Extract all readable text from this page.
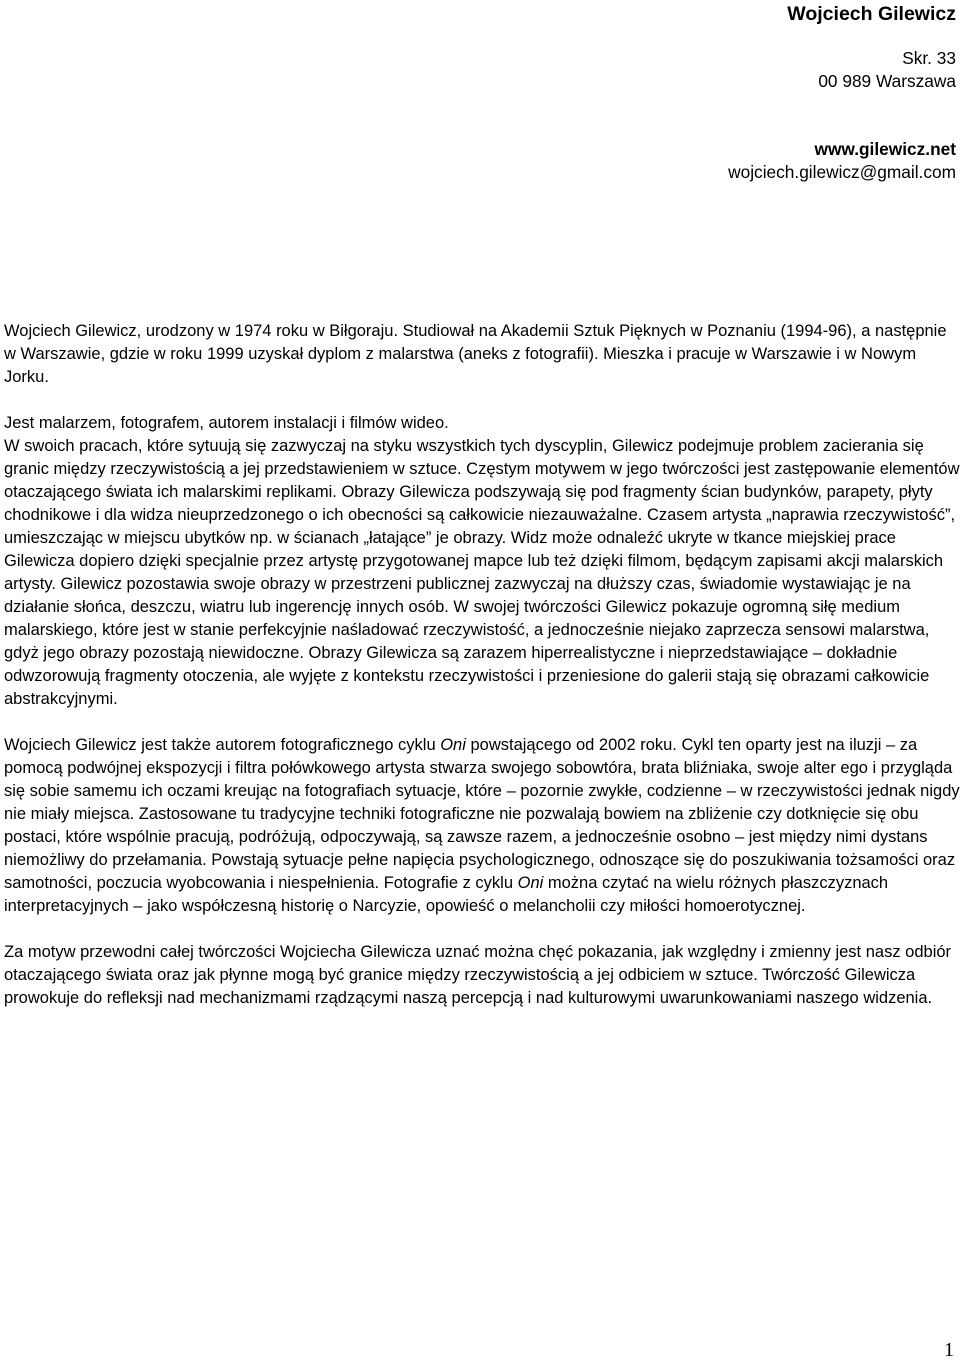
Wojciech Gilewicz
Skr. 33
00 989 Warszawa
www.gilewicz.net
wojciech.gilewicz@gmail.com

Wojciech Gilewicz, urodzony w 1974 roku w Biłgoraju. Studiował na Akademii Sztuk Pięknych w Poznaniu (1994-96), a następnie w Warszawie, gdzie w roku 1999 uzyskał dyplom z malarstwa (aneks z fotografii). Mieszka i pracuje w Warszawie i w Nowym Jorku.

Jest malarzem, fotografem, autorem instalacji i filmów wideo.

W swoich pracach, które sytuują się zazwyczaj na styku wszystkich tych dyscyplin, Gilewicz podejmuje problem zacierania się granic między rzeczywistością a jej przedstawieniem w sztuce. Częstym motywem w jego twórczości jest zastępowanie elementów otaczającego świata ich malarskimi replikami. Obrazy Gilewicza podszywają się pod fragmenty ścian budynków, parapety, płyty chodnikowe i dla widza nieuprzedzonego o ich obecności są całkowicie niezauważalne. Czasem artysta „naprawia rzeczywistość”, umieszczając w miejscu ubytków np. w ścianach „łatające” je obrazy. Widz może odnaleźć ukryte w tkance miejskiej prace Gilewicza dopiero dzięki specjalnie przez artystę przygotowanej mapce lub też dzięki filmom, będącym zapisami akcji malarskich artysty. Gilewicz pozostawia swoje obrazy w przestrzeni publicznej zazwyczaj na dłuższy czas, świadomie wystawiając je na działanie słońca, deszczu, wiatru lub ingerencję innych osób. W swojej twórczości Gilewicz pokazuje ogromną siłę medium malarskiego, które jest w stanie perfekcyjnie naśladować rzeczywistość, a jednocześnie niejako zaprzecza sensowi malarstwa, gdyż jego obrazy pozostają niewidoczne. Obrazy Gilewicza są zarazem hiperrealistyczne i nieprzedstawiające – dokładnie odwzorowują fragmenty otoczenia, ale wyjęte z kontekstu rzeczywistości i przeniesione do galerii stają się obrazami całkowicie abstrakcyjnymi.

Wojciech Gilewicz jest także autorem fotograficznego cyklu Oni powstającego od 2002 roku. Cykl ten oparty jest na iluzji – za pomocą podwójnej ekspozycji i filtra połówkowego artysta stwarza swojego sobowtóra, brata bliźniaka, swoje alter ego i przygląda się sobie samemu ich oczami kreując na fotografiach sytuacje, które – pozornie zwykłe, codzienne – w rzeczywistości jednak nigdy nie miały miejsca. Zastosowane tu tradycyjne techniki fotograficzne nie pozwalają bowiem na zbliżenie czy dotknięcie się obu postaci, które wspólnie pracują, podróżują, odpoczywają, są zawsze razem, a jednocześnie osobno – jest między nimi dystans niemożliwy do przełamania. Powstają sytuacje pełne napięcia psychologicznego, odnoszące się do poszukiwania tożsamości oraz samotności, poczucia wyobcowania i niespełnienia. Fotografie z cyklu Oni można czytać na wielu różnych płaszczyznach interpretacyjnych – jako współczesną historię o Narcyzie, opowieść o melancholii czy miłości homoerotycznej.

Za motyw przewodni całej twórczości Wojciecha Gilewicza uznać można chęć pokazania, jak względny i zmienny jest nasz odbiór otaczającego świata oraz jak płynne mogą być granice między rzeczywistością a jej odbiciem w sztuce. Twórczość Gilewicza prowokuje do refleksji nad mechanizmami rządzącymi naszą percepcją i nad kulturowymi uwarunkowaniami naszego widzenia.

1
